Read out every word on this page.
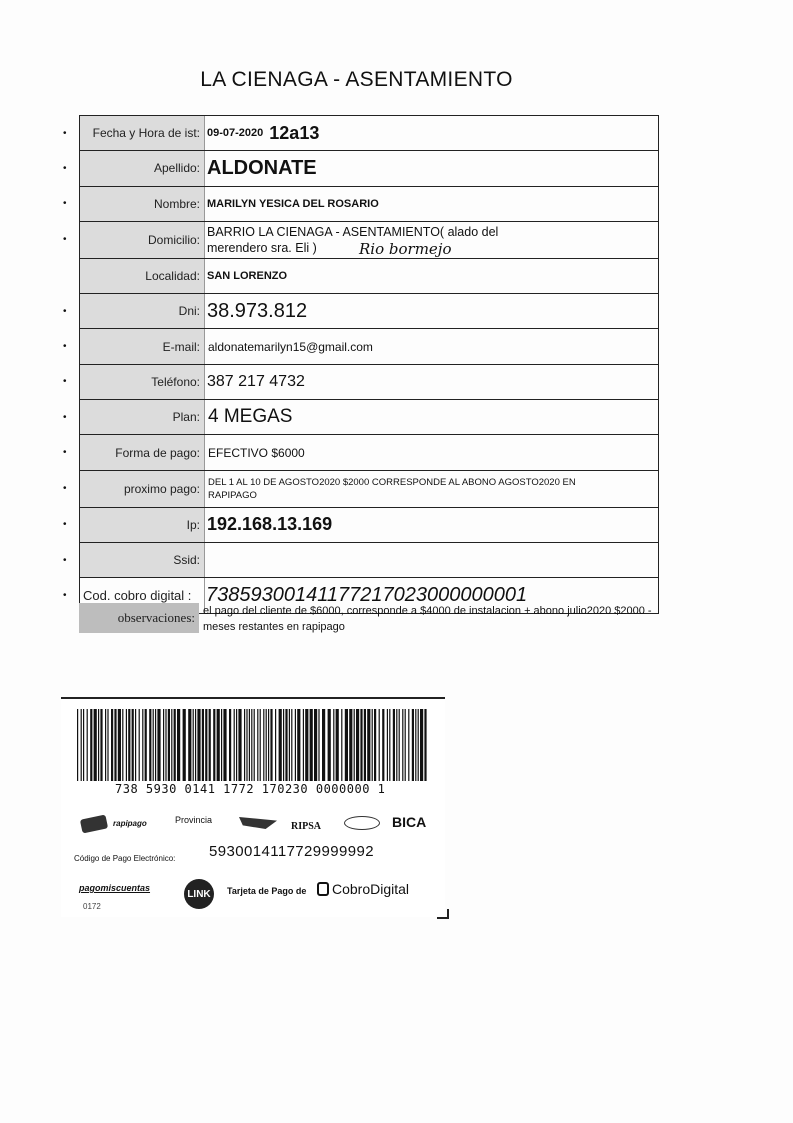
LA CIENAGA - ASENTAMIENTO
•	Fecha y Hora de ist: 09-07-2020 12a13
•	Apellido: ALDONATE
•	Nombre: MARILYN YESICA DEL ROSARIO
•	Domicilio:
BARRIO LA CIENAGA - ASENTAMIENTO( alado del merendero sra. Eli )	Rio bormejo
Localidad: SAN LORENZO
•	Dni: 38.973.812
•	E-mail: aldonatemarilyn15@gmail.com
•	Teléfono: 387 217 4732
•	Plan: 4 MEGAS
•	Forma de pago: EFECTIVO $6000
•	proximo pago: DEL 1 AL 10 DE AGOSTO2020 $2000 CORRESPONDE AL ABONO AGOSTO2020 EN RAPIPAGO
•	Ip: 192.168.13.169
•	Ssid:
• Cod. cobro digital : 73859300141177217023000000001
observaciones: el pago del cliente de $6000, corresponde a $4000 de instalacion + abono julio2020 $2000 - meses restantes en rapipago
738 5930 0141 1772 170230 0000000 1
rapipago	Provincia
RIPSA	BICA
Código de Pago Electrónico: 5930014117729999992
pagomiscuentas
0172
LINK	Tarjeta de Pago de CobroDigital
